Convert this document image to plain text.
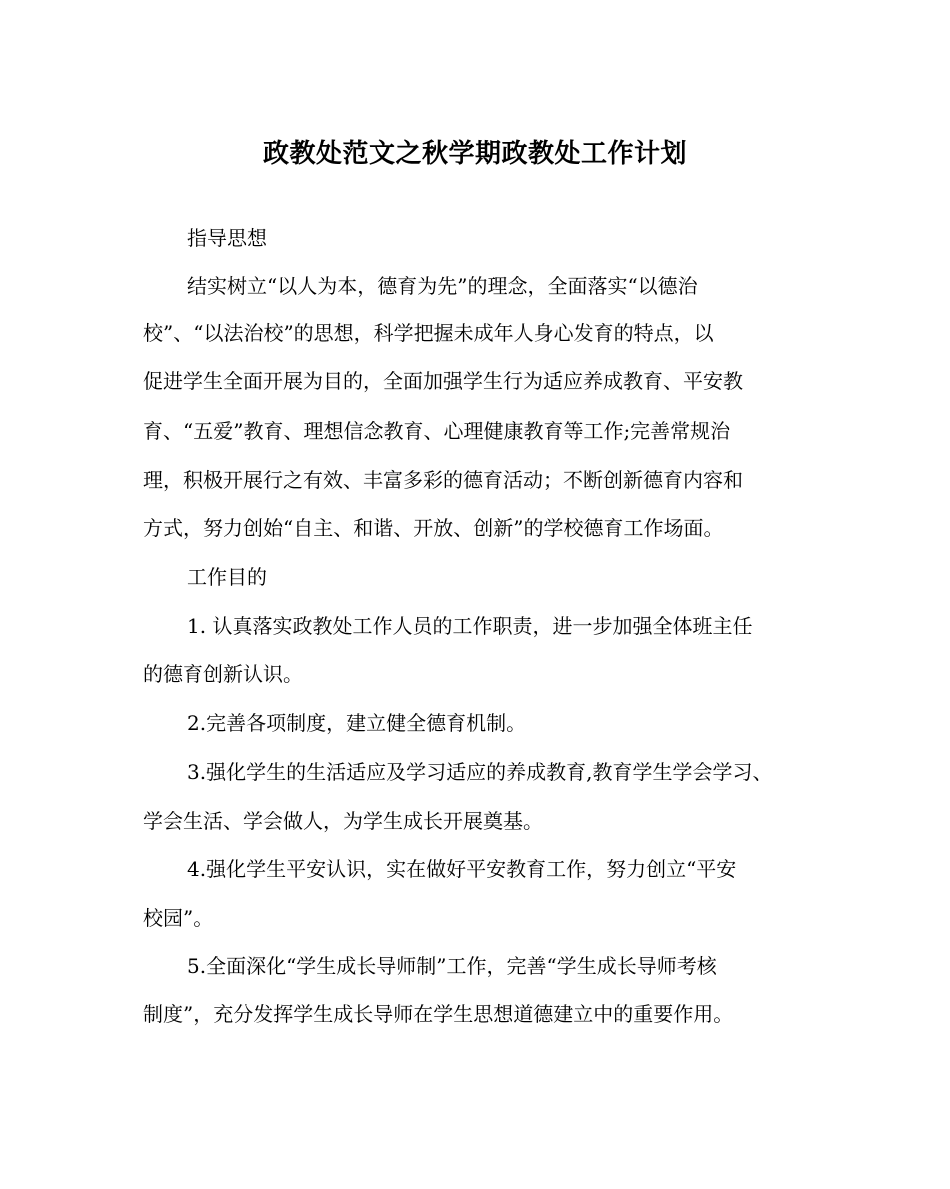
政教处范文之秋学期政教处工作计划

指导思想

结实树立“以人为本，德育为先”的理念，全面落实“以德治

校”、“以法治校”的思想，科学把握未成年人身心发育的特点，以

促进学生全面开展为目的，全面加强学生行为适应养成教育、平安教

育、“五爱”教育、理想信念教育、心理健康教育等工作;完善常规治

理，积极开展行之有效、丰富多彩的德育活动；不断创新德育内容和

方式，努力创始“自主、和谐、开放、创新”的学校德育工作场面。

工作目的

1. 认真落实政教处工作人员的工作职责，进一步加强全体班主任

的德育创新认识。

2.完善各项制度，建立健全德育机制。

3.强化学生的生活适应及学习适应的养成教育,教育学生学会学习、

学会生活、学会做人，为学生成长开展奠基。

4.强化学生平安认识，实在做好平安教育工作，努力创立“平安

校园”。

5.全面深化“学生成长导师制”工作，完善“学生成长导师考核

制度”，充分发挥学生成长导师在学生思想道德建立中的重要作用。
